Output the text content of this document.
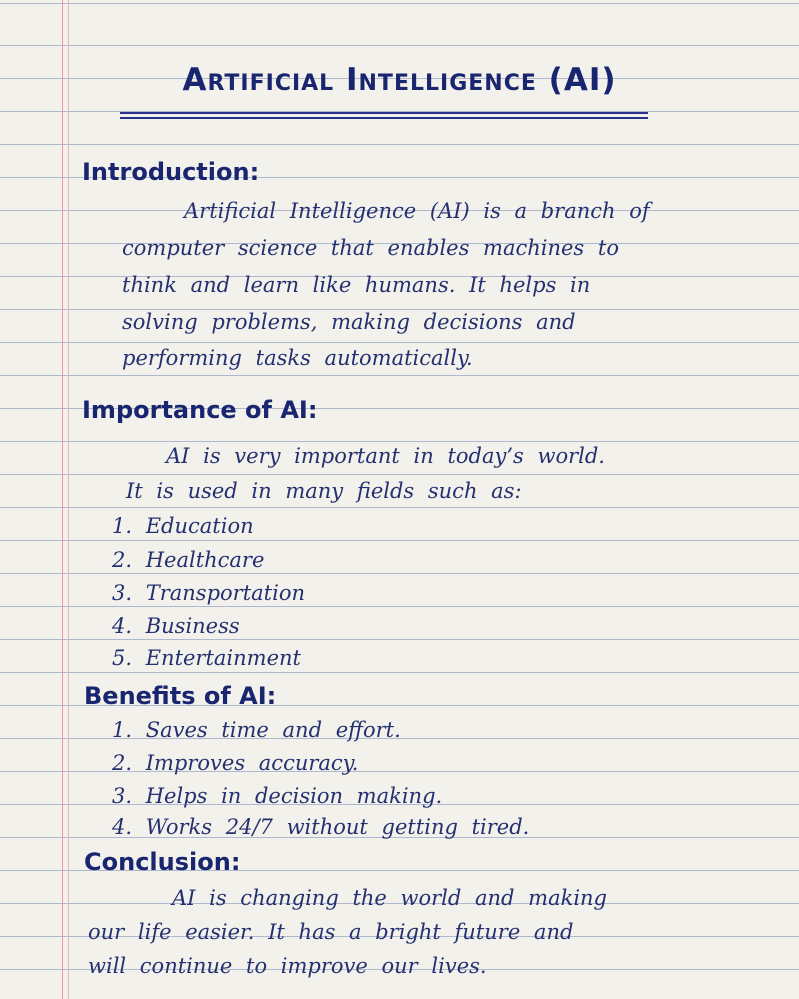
Artificial Intelligence (AI)
Introduction:
Artificial Intelligence (AI) is a branch of
computer science that enables machines to
think and learn like humans. It helps in
solving problems, making decisions and
performing tasks automatically.
Importance of AI:
AI is very important in today’s world.
It is used in many fields such as:
1. Education
2. Healthcare
3. Transportation
4. Business
5. Entertainment
Benefits of AI:
1. Saves time and effort.
2. Improves accuracy.
3. Helps in decision making.
4. Works 24/7 without getting tired.
Conclusion:
AI is changing the world and making
our life easier. It has a bright future and
will continue to improve our lives.
